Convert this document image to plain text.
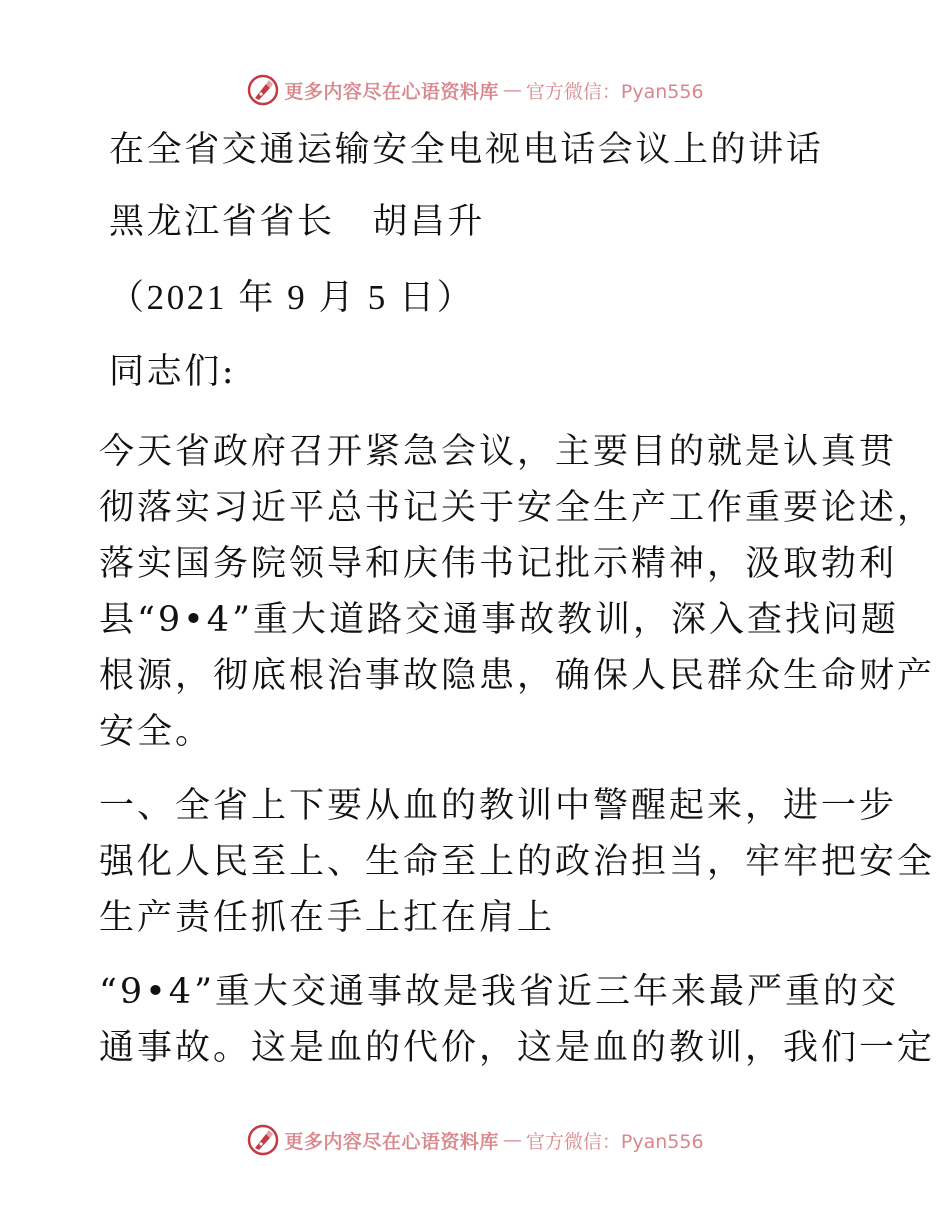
更多内容尽在心语资料库 — 官方微信：Pyan556

在全省交通运输安全电视电话会议上的讲话

黑龙江省省长　胡昌升

（2021 年 9 月 5 日）

同志们:

今天省政府召开紧急会议，主要目的就是认真贯
彻落实习近平总书记关于安全生产工作重要论述，
落实国务院领导和庆伟书记批示精神，汲取勃利
县“9•4”重大道路交通事故教训，深入查找问题
根源，彻底根治事故隐患，确保人民群众生命财产
安全。

一、全省上下要从血的教训中警醒起来，进一步
强化人民至上、生命至上的政治担当，牢牢把安全
生产责任抓在手上扛在肩上

“9•4”重大交通事故是我省近三年来最严重的交
通事故。这是血的代价，这是血的教训，我们一定

更多内容尽在心语资料库 — 官方微信：Pyan556
